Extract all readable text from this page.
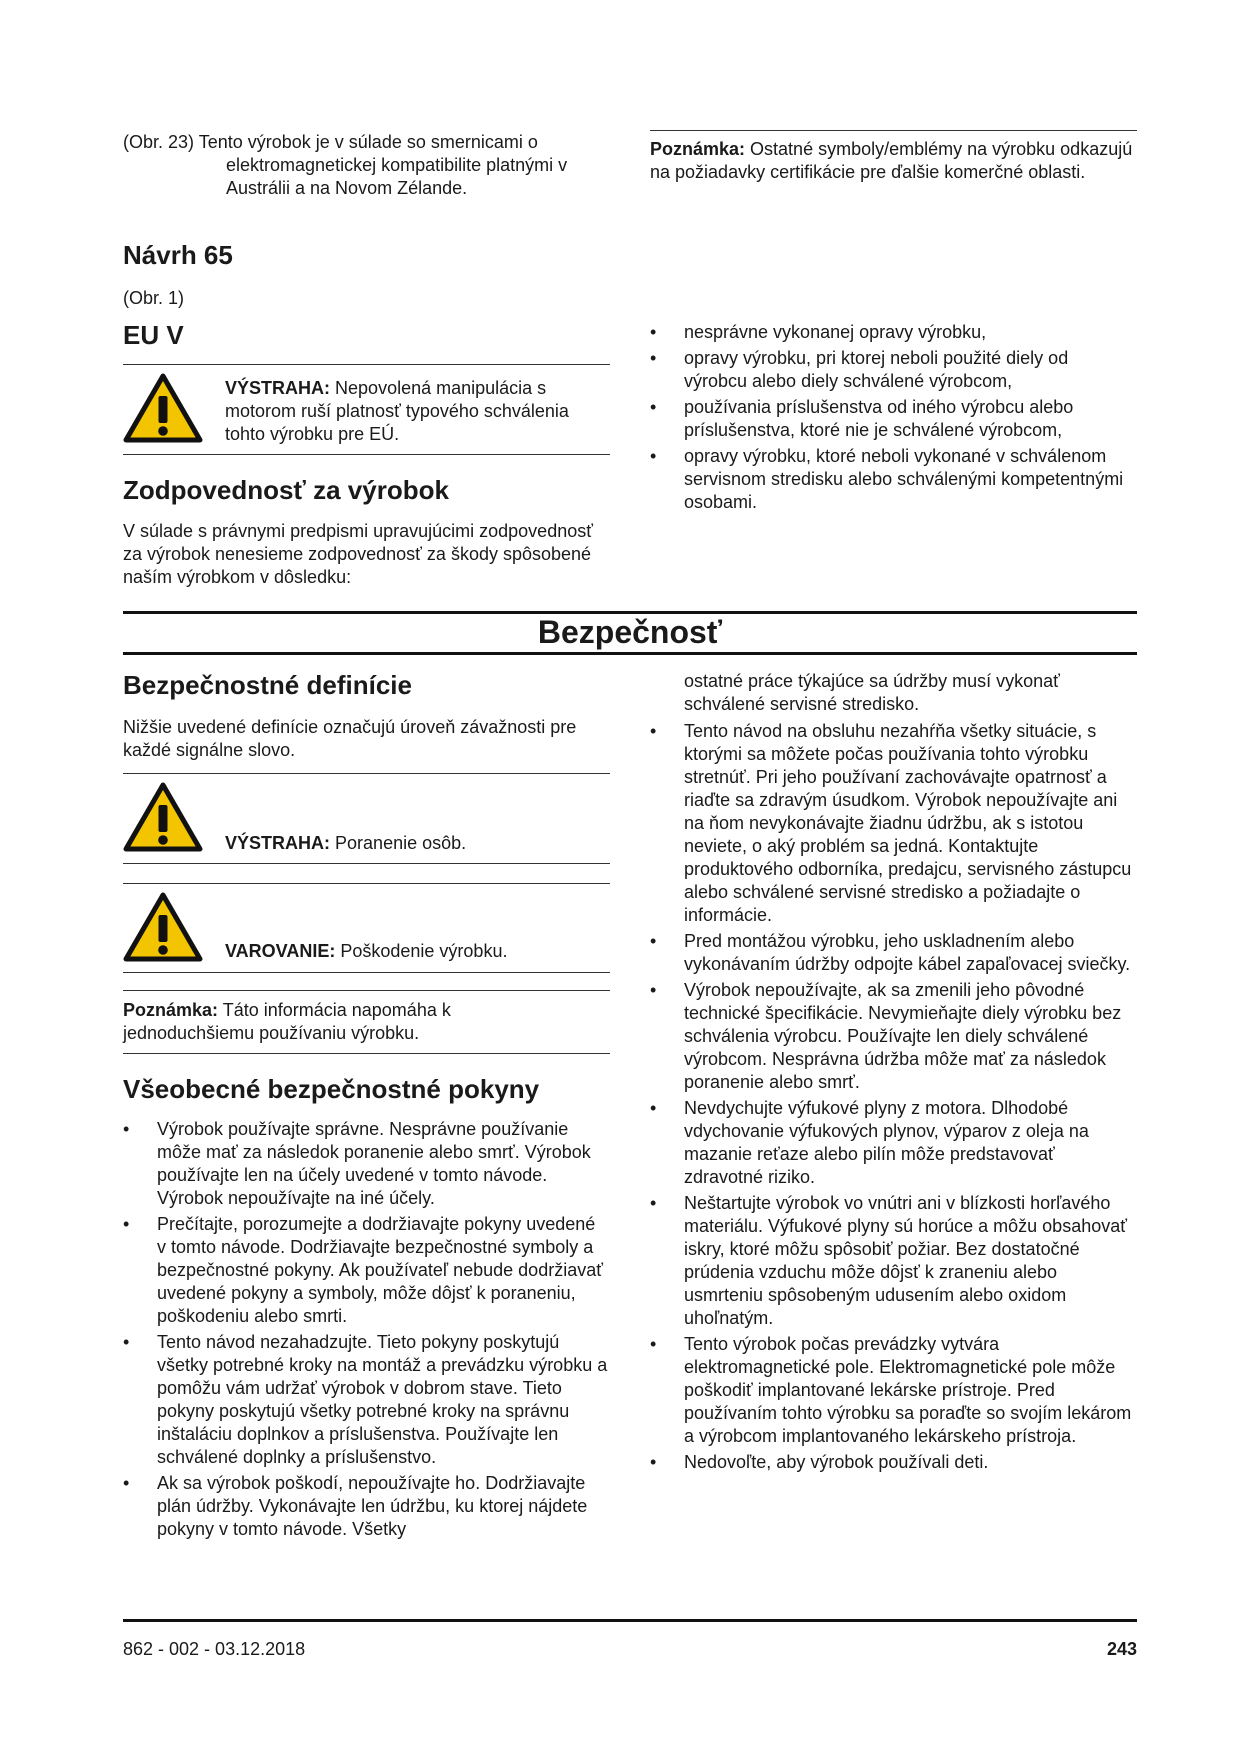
(Obr. 23) Tento výrobok je v súlade so smernicami o elektromagnetickej kompatibilite platnými v Austrálii a na Novom Zélande.
Poznámka: Ostatné symboly/emblémy na výrobku odkazujú na požiadavky certifikácie pre ďalšie komerčné oblasti.
Návrh 65
(Obr. 1)
EU V
VÝSTRAHA: Nepovolená manipulácia s motorom ruší platnosť typového schválenia tohto výrobku pre EÚ.
Zodpovednosť za výrobok
V súlade s právnymi predpismi upravujúcimi zodpovednosť za výrobok nenesieme zodpovednosť za škody spôsobené naším výrobkom v dôsledku:
• nesprávne vykonanej opravy výrobku,
• opravy výrobku, pri ktorej neboli použité diely od výrobcu alebo diely schválené výrobcom,
• používania príslušenstva od iného výrobcu alebo príslušenstva, ktoré nie je schválené výrobcom,
• opravy výrobku, ktoré neboli vykonané v schválenom servisnom stredisku alebo schválenými kompetentnými osobami.
Bezpečnosť
Bezpečnostné definície
Nižšie uvedené definície označujú úroveň závažnosti pre každé signálne slovo.
VÝSTRAHA: Poranenie osôb.
VAROVANIE: Poškodenie výrobku.
Poznámka: Táto informácia napomáha k jednoduchšiemu používaniu výrobku.
Všeobecné bezpečnostné pokyny
• Výrobok používajte správne. Nesprávne používanie môže mať za následok poranenie alebo smrť. Výrobok používajte len na účely uvedené v tomto návode. Výrobok nepoužívajte na iné účely.
• Prečítajte, porozumejte a dodržiavajte pokyny uvedené v tomto návode. Dodržiavajte bezpečnostné symboly a bezpečnostné pokyny. Ak používateľ nebude dodržiavať uvedené pokyny a symboly, môže dôjsť k poraneniu, poškodeniu alebo smrti.
• Tento návod nezahadzujte. Tieto pokyny poskytujú všetky potrebné kroky na montáž a prevádzku výrobku a pomôžu vám udržať výrobok v dobrom stave. Tieto pokyny poskytujú všetky potrebné kroky na správnu inštaláciu doplnkov a príslušenstva. Používajte len schválené doplnky a príslušenstvo.
• Ak sa výrobok poškodí, nepoužívajte ho. Dodržiavajte plán údržby. Vykonávajte len údržbu, ku ktorej nájdete pokyny v tomto návode. Všetky
ostatné práce týkajúce sa údržby musí vykonať schválené servisné stredisko.
• Tento návod na obsluhu nezahŕňa všetky situácie, s ktorými sa môžete počas používania tohto výrobku stretnúť. Pri jeho používaní zachovávajte opatrnosť a riaďte sa zdravým úsudkom. Výrobok nepoužívajte ani na ňom nevykonávajte žiadnu údržbu, ak s istotou neviete, o aký problém sa jedná. Kontaktujte produktového odborníka, predajcu, servisného zástupcu alebo schválené servisné stredisko a požiadajte o informácie.
• Pred montážou výrobku, jeho uskladnením alebo vykonávaním údržby odpojte kábel zapaľovacej sviečky.
• Výrobok nepoužívajte, ak sa zmenili jeho pôvodné technické špecifikácie. Nevymieňajte diely výrobku bez schválenia výrobcu. Používajte len diely schválené výrobcom. Nesprávna údržba môže mať za následok poranenie alebo smrť.
• Nevdychujte výfukové plyny z motora. Dlhodobé vdychovanie výfukových plynov, výparov z oleja na mazanie reťaze alebo pilín môže predstavovať zdravotné riziko.
• Neštartujte výrobok vo vnútri ani v blízkosti horľavého materiálu. Výfukové plyny sú horúce a môžu obsahovať iskry, ktoré môžu spôsobiť požiar. Bez dostatočné prúdenia vzduchu môže dôjsť k zraneniu alebo usmrteniu spôsobeným udusením alebo oxidom uhoľnatým.
• Tento výrobok počas prevádzky vytvára elektromagnetické pole. Elektromagnetické pole môže poškodiť implantované lekárske prístroje. Pred používaním tohto výrobku sa poraďte so svojím lekárom a výrobcom implantovaného lekárskeho prístroja.
• Nedovoľte, aby výrobok používali deti.
862 - 002 - 03.12.2018	243
